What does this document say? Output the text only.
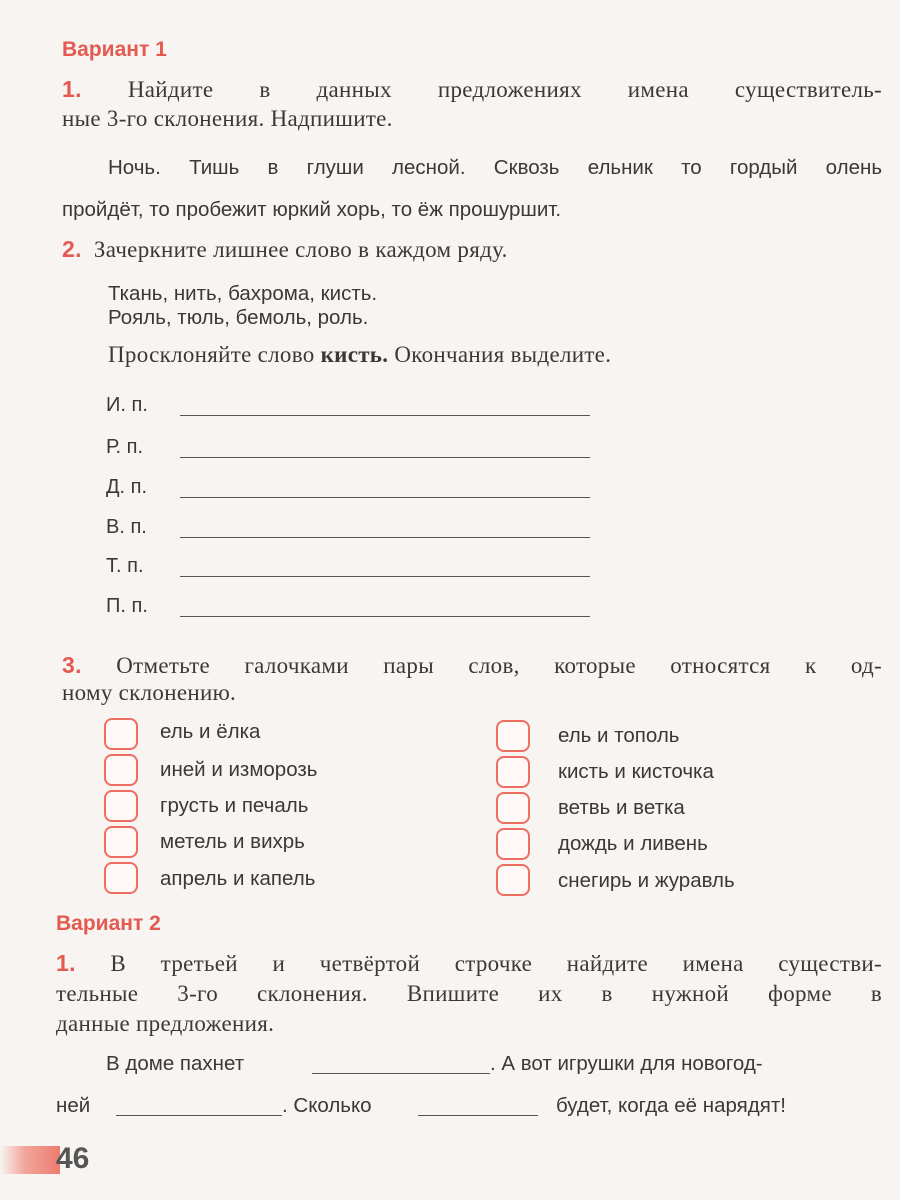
Вариант 1
1. Найдите в данных предложениях имена существитель-
ные 3-го склонения. Надпишите.
Ночь. Тишь в глуши лесной. Сквозь ельник то гордый олень
пройдёт, то пробежит юркий хорь, то ёж прошуршит.
2. Зачеркните лишнее слово в каждом ряду.
Ткань, нить, бахрома, кисть.
Рояль, тюль, бемоль, роль.
Просклоняйте слово кисть. Окончания выделите.
И. п.
Р. п.
Д. п.
В. п.
Т. п.
П. п.
3. Отметьте галочками пары слов, которые относятся к од-
ному склонению.
ель и ёлка
иней и изморозь
грусть и печаль
метель и вихрь
апрель и капель
ель и тополь
кисть и кисточка
ветвь и ветка
дождь и ливень
снегирь и журавль
Вариант 2
1. В третьей и четвёртой строчке найдите имена существи-
тельные 3-го склонения. Впишите их в нужной форме в
данные предложения.
В доме пахнет	. А вот игрушки для новогод-
ней	. Сколько	будет, когда её нарядят!
46
